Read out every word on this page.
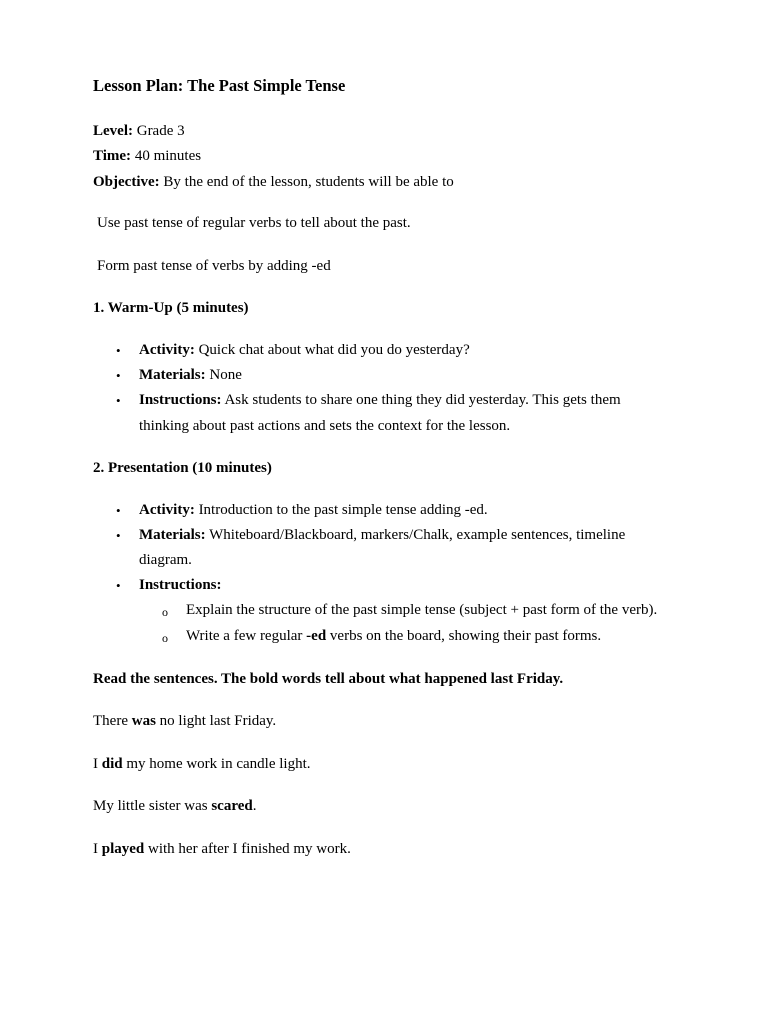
Lesson Plan: The Past Simple Tense
Level: Grade 3
Time: 40 minutes
Objective: By the end of the lesson, students will be able to
Use past tense of regular verbs to tell about the past.
Form past tense of verbs by adding -ed
1. Warm-Up (5 minutes)
• Activity: Quick chat about what did you do yesterday?
• Materials: None
• Instructions: Ask students to share one thing they did yesterday. This gets them
thinking about past actions and sets the context for the lesson.
2. Presentation (10 minutes)
• Activity: Introduction to the past simple tense adding -ed.
• Materials: Whiteboard/Blackboard, markers/Chalk, example sentences, timeline
diagram.
• Instructions:
o Explain the structure of the past simple tense (subject + past form of the verb).
o Write a few regular -ed verbs on the board, showing their past forms.
Read the sentences. The bold words tell about what happened last Friday.
There was no light last Friday.
I did my home work in candle light.
My little sister was scared.
I played with her after I finished my work.
